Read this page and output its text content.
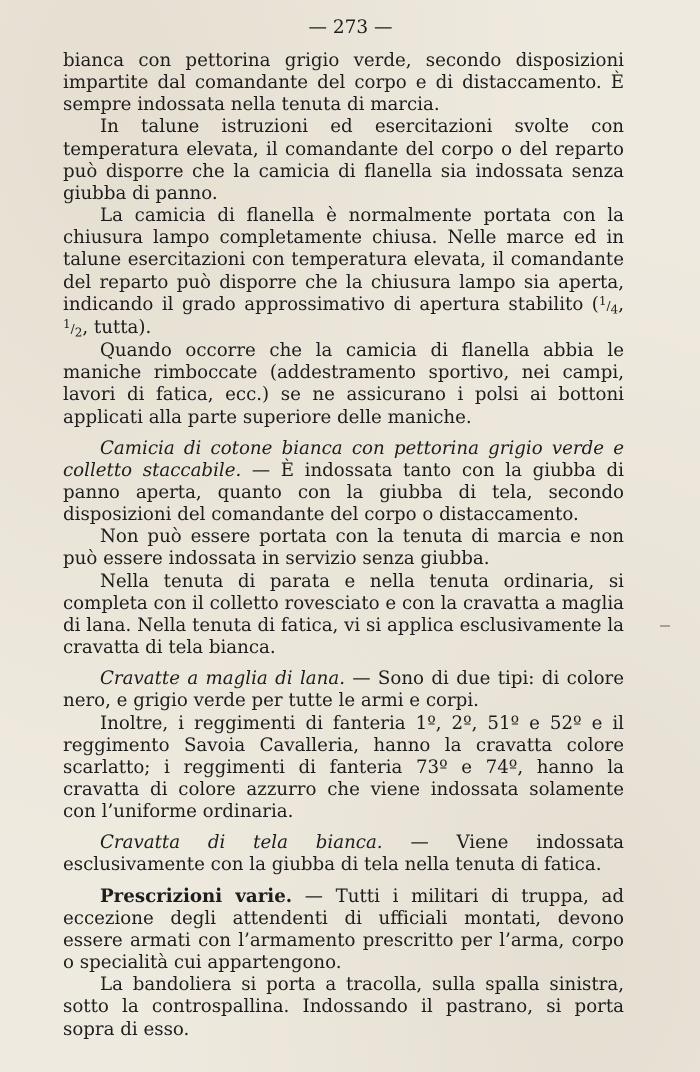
— 273 —

bianca con pettorina grigio verde, secondo disposizioni impartite dal comandante del corpo e di distaccamento. È sempre indossata nella tenuta di marcia.

In talune istruzioni ed esercitazioni svolte con temperatura elevata, il comandante del corpo o del reparto può disporre che la camicia di flanella sia indossata senza giubba di panno.

La camicia di flanella è normalmente portata con la chiusura lampo completamente chiusa. Nelle marce ed in talune esercitazioni con temperatura elevata, il comandante del reparto può disporre che la chiusura lampo sia aperta, indicando il grado approssimativo di apertura stabilito ($^1/_4$, $^1/_2$, tutta).

Quando occorre che la camicia di flanella abbia le maniche rimboccate (addestramento sportivo, nei campi, lavori di fatica, ecc.) se ne assicurano i polsi ai bottoni applicati alla parte superiore delle maniche.

Camicia di cotone bianca con pettorina grigio verde e colletto staccabile. — È indossata tanto con la giubba di panno aperta, quanto con la giubba di tela, secondo disposizioni del comandante del corpo o distaccamento.

Non può essere portata con la tenuta di marcia e non può essere indossata in servizio senza giubba.

Nella tenuta di parata e nella tenuta ordinaria, si completa con il colletto rovesciato e con la cravatta a maglia di lana. Nella tenuta di fatica, vi si applica esclusivamente la cravatta di tela bianca.

Cravatte a maglia di lana. — Sono di due tipi: di colore nero, e grigio verde per tutte le armi e corpi.

Inoltre, i reggimenti di fanteria 1º, 2º, 51º e 52º e il reggimento Savoia Cavalleria, hanno la cravatta colore scarlatto; i reggimenti di fanteria 73º e 74º, hanno la cravatta di colore azzurro che viene indossata solamente con l’uniforme ordinaria.

Cravatta di tela bianca. — Viene indossata esclusivamente con la giubba di tela nella tenuta di fatica.

Prescrizioni varie. — Tutti i militari di truppa, ad eccezione degli attendenti di ufficiali montati, devono essere armati con l’armamento prescritto per l’arma, corpo o specialità cui appartengono.

La bandoliera si porta a tracolla, sulla spalla sinistra, sotto la controspallina. Indossando il pastrano, si porta sopra di esso.
